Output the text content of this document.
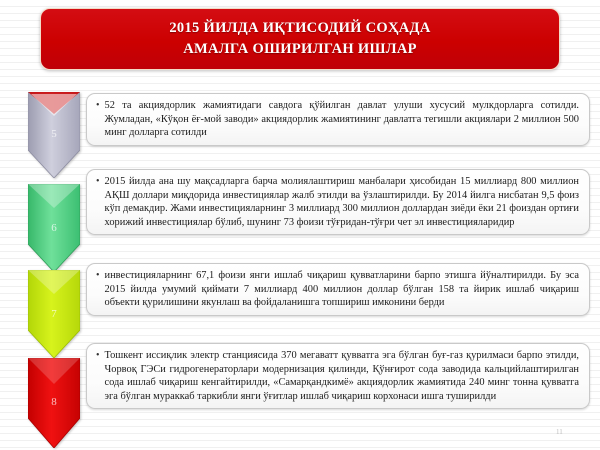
2015 ЙИЛДА ИҚТИСОДИЙ СОҲАДА
АМАЛГА ОШИРИЛГАН ИШЛАР
5
• 52 та акциядорлик жамиятидаги савдога қўйилган давлат улуши хусусий мулкдорларга сотилди. Жумладан, «Кўқон ёғ-мой заводи» акциядорлик жамиятининг давлатга тегишли акциялари 2 миллион 500 минг долларга сотилди
6
• 2015 йилда ана шу мақсадларга барча молиялаштириш манбалари ҳисобидан 15 миллиард 800 миллион АҚШ доллари миқдорида инвестициялар жалб этилди ва ўзлаштирилди. Бу 2014 йилга нисбатан 9,5 фоиз кўп демакдир. Жами инвестицияларнинг 3 миллиард 300 миллион доллардан зиёди ёки 21 фоиздан ортиғи хорижий инвестициялар бўлиб, шунинг 73 фоизи тўғридан-тўғри чет эл инвестицияларидир
7
• инвестицияларнинг 67,1 фоизи янги ишлаб чиқариш қувватларини барпо этишга йўналтирилди. Бу эса 2015 йилда умумий қиймати 7 миллиард 400 миллион доллар бўлган 158 та йирик ишлаб чиқариш объекти қурилишини якунлаш ва фойдаланишга топшириш имконини берди
8
• Тошкент иссиқлик электр станциясида 370 мегаватт қувватга эга бўлган буғ-газ қурилмаси барпо этилди, Чорвоқ ГЭСи гидрогенераторлари модернизация қилинди, Қўнғирот сода заводида кальцийлаштирилган сода ишлаб чиқариш кенгайтирилди, «Самарқандкимё» акциядорлик жамиятида 240 минг тонна қувватга эга бўлган мураккаб таркибли янги ўғитлар ишлаб чиқариш корхонаси ишга туширилди
11
